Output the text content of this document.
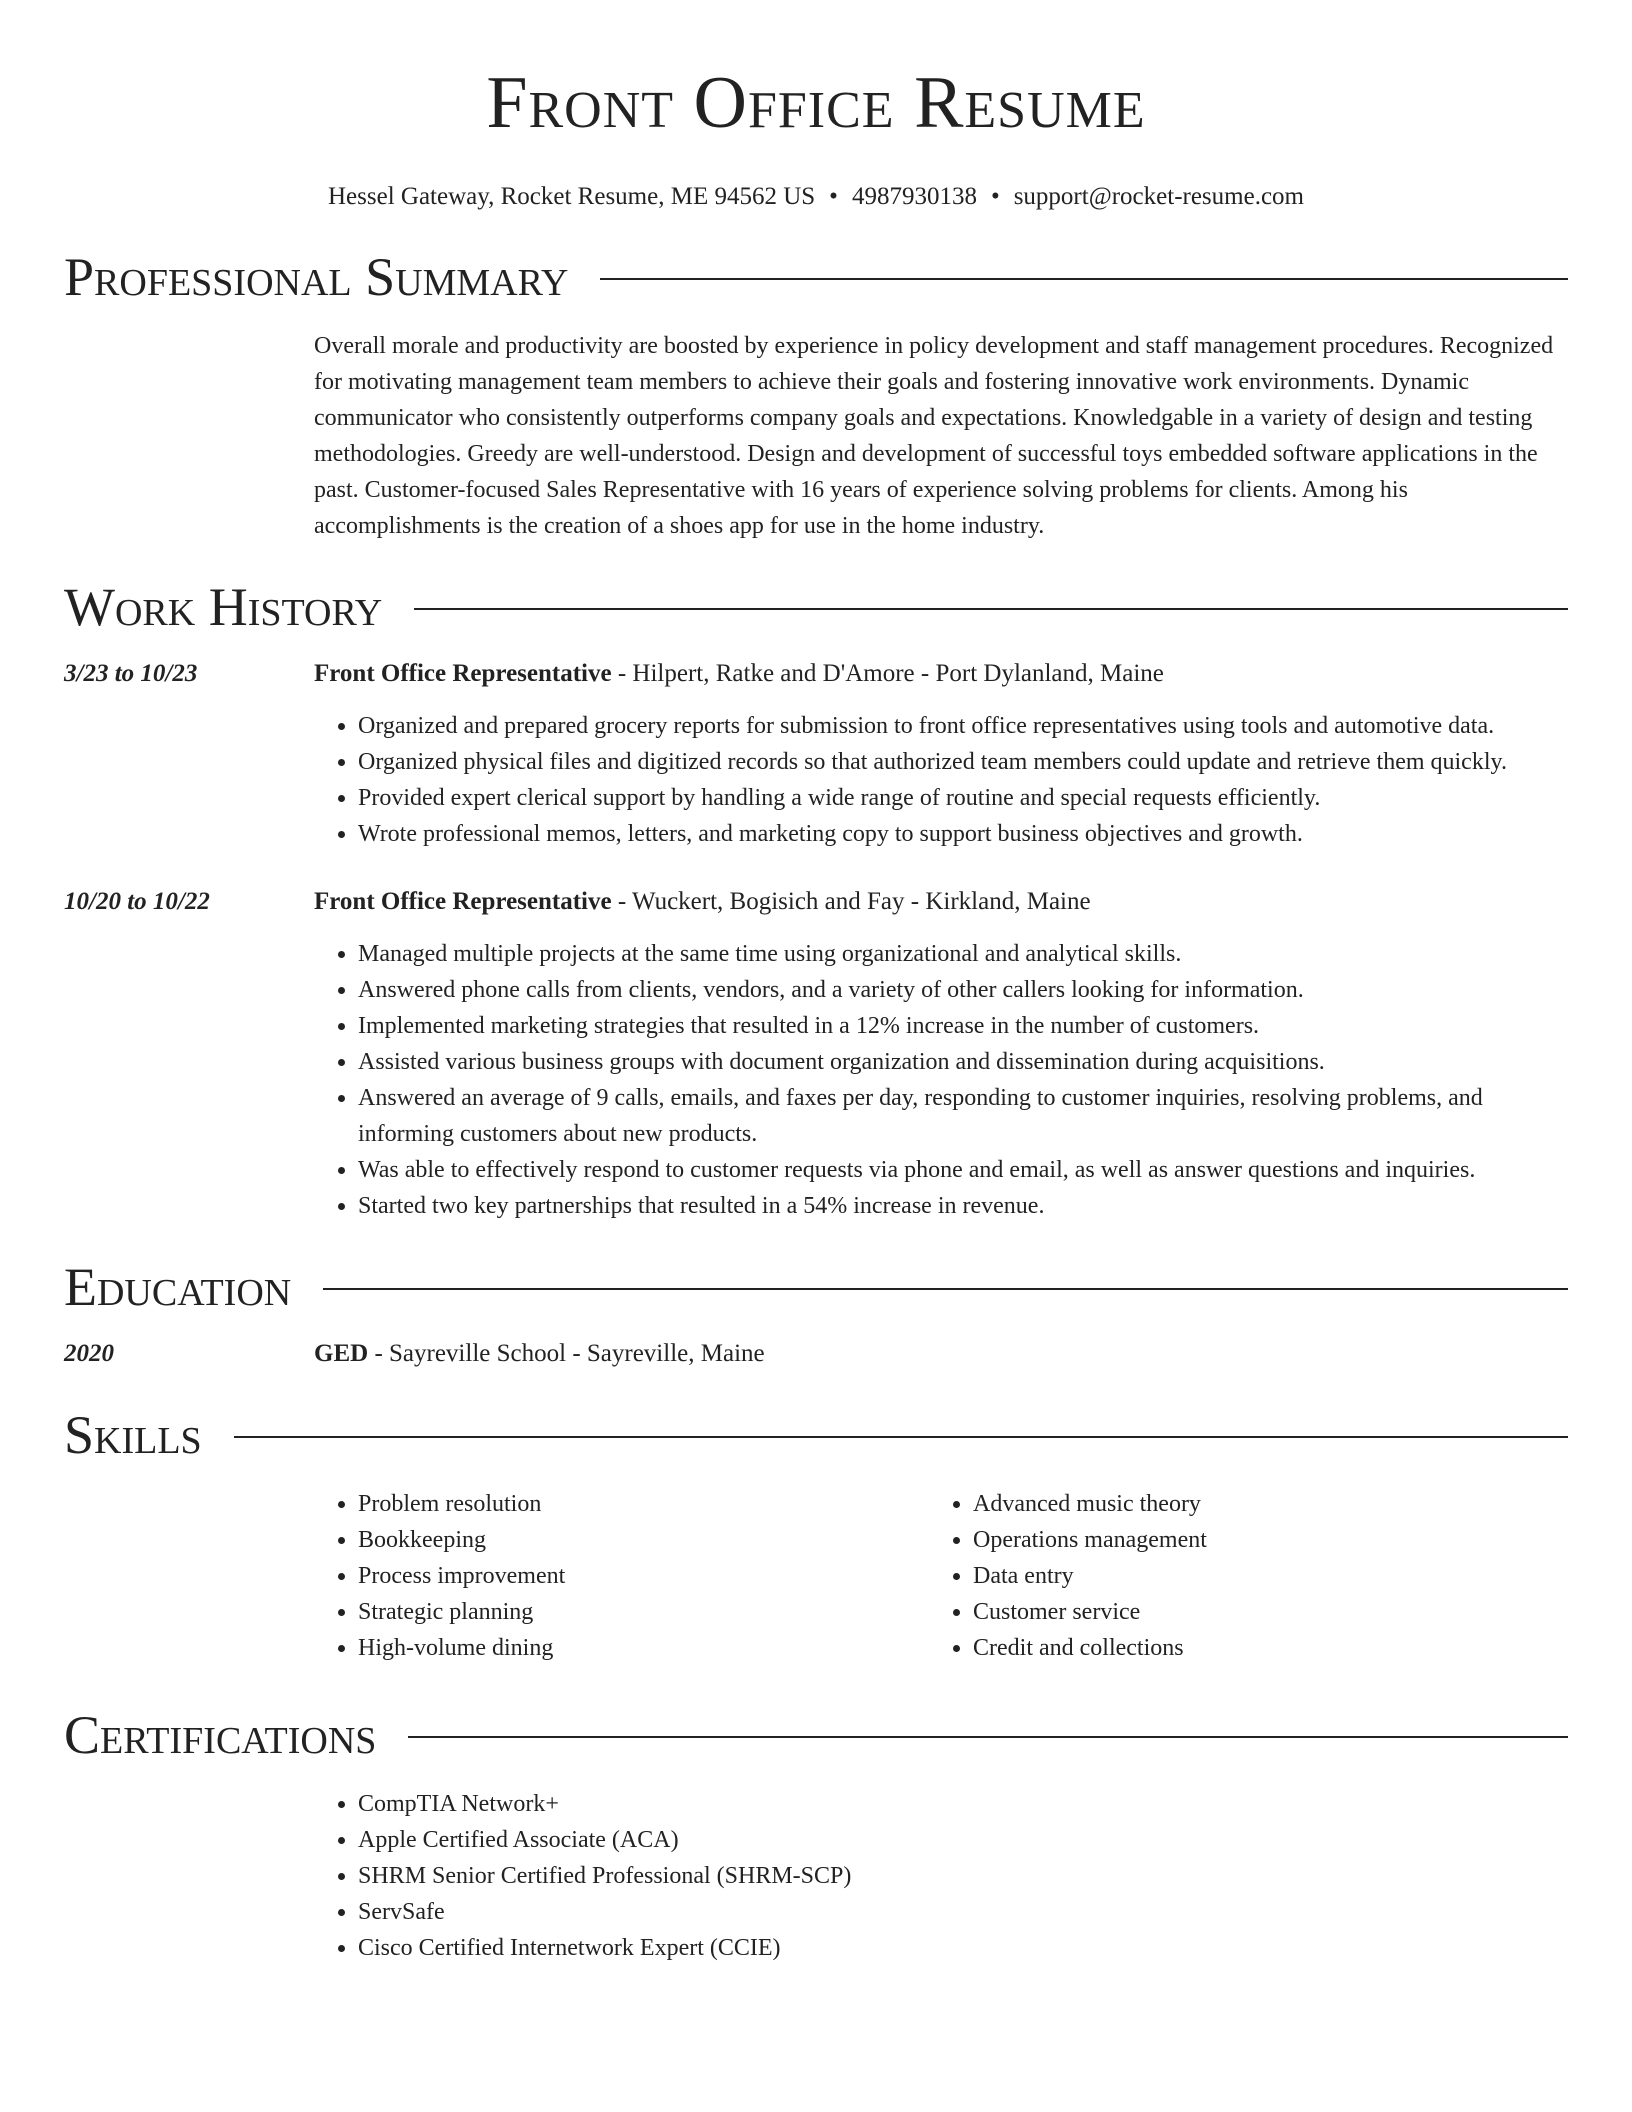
Front Office Resume
Hessel Gateway, Rocket Resume, ME 94562 US • 4987930138 • support@rocket-resume.com
Professional Summary
Overall morale and productivity are boosted by experience in policy development and staff management procedures. Recognized for motivating management team members to achieve their goals and fostering innovative work environments. Dynamic communicator who consistently outperforms company goals and expectations. Knowledgable in a variety of design and testing methodologies. Greedy are well-understood. Design and development of successful toys embedded software applications in the past. Customer-focused Sales Representative with 16 years of experience solving problems for clients. Among his accomplishments is the creation of a shoes app for use in the home industry.
Work History
3/23 to 10/23	Front Office Representative - Hilpert, Ratke and D'Amore - Port Dylanland, Maine
• Organized and prepared grocery reports for submission to front office representatives using tools and automotive data.
• Organized physical files and digitized records so that authorized team members could update and retrieve them quickly.
• Provided expert clerical support by handling a wide range of routine and special requests efficiently.
• Wrote professional memos, letters, and marketing copy to support business objectives and growth.
10/20 to 10/22	Front Office Representative - Wuckert, Bogisich and Fay - Kirkland, Maine
• Managed multiple projects at the same time using organizational and analytical skills.
• Answered phone calls from clients, vendors, and a variety of other callers looking for information.
• Implemented marketing strategies that resulted in a 12% increase in the number of customers.
• Assisted various business groups with document organization and dissemination during acquisitions.
• Answered an average of 9 calls, emails, and faxes per day, responding to customer inquiries, resolving problems, and informing customers about new products.
• Was able to effectively respond to customer requests via phone and email, as well as answer questions and inquiries.
• Started two key partnerships that resulted in a 54% increase in revenue.
Education
2020	GED - Sayreville School - Sayreville, Maine
Skills
• Problem resolution
• Bookkeeping
• Process improvement
• Strategic planning
• High-volume dining
• Advanced music theory
• Operations management
• Data entry
• Customer service
• Credit and collections
Certifications
• CompTIA Network+
• Apple Certified Associate (ACA)
• SHRM Senior Certified Professional (SHRM-SCP)
• ServSafe
• Cisco Certified Internetwork Expert (CCIE)
